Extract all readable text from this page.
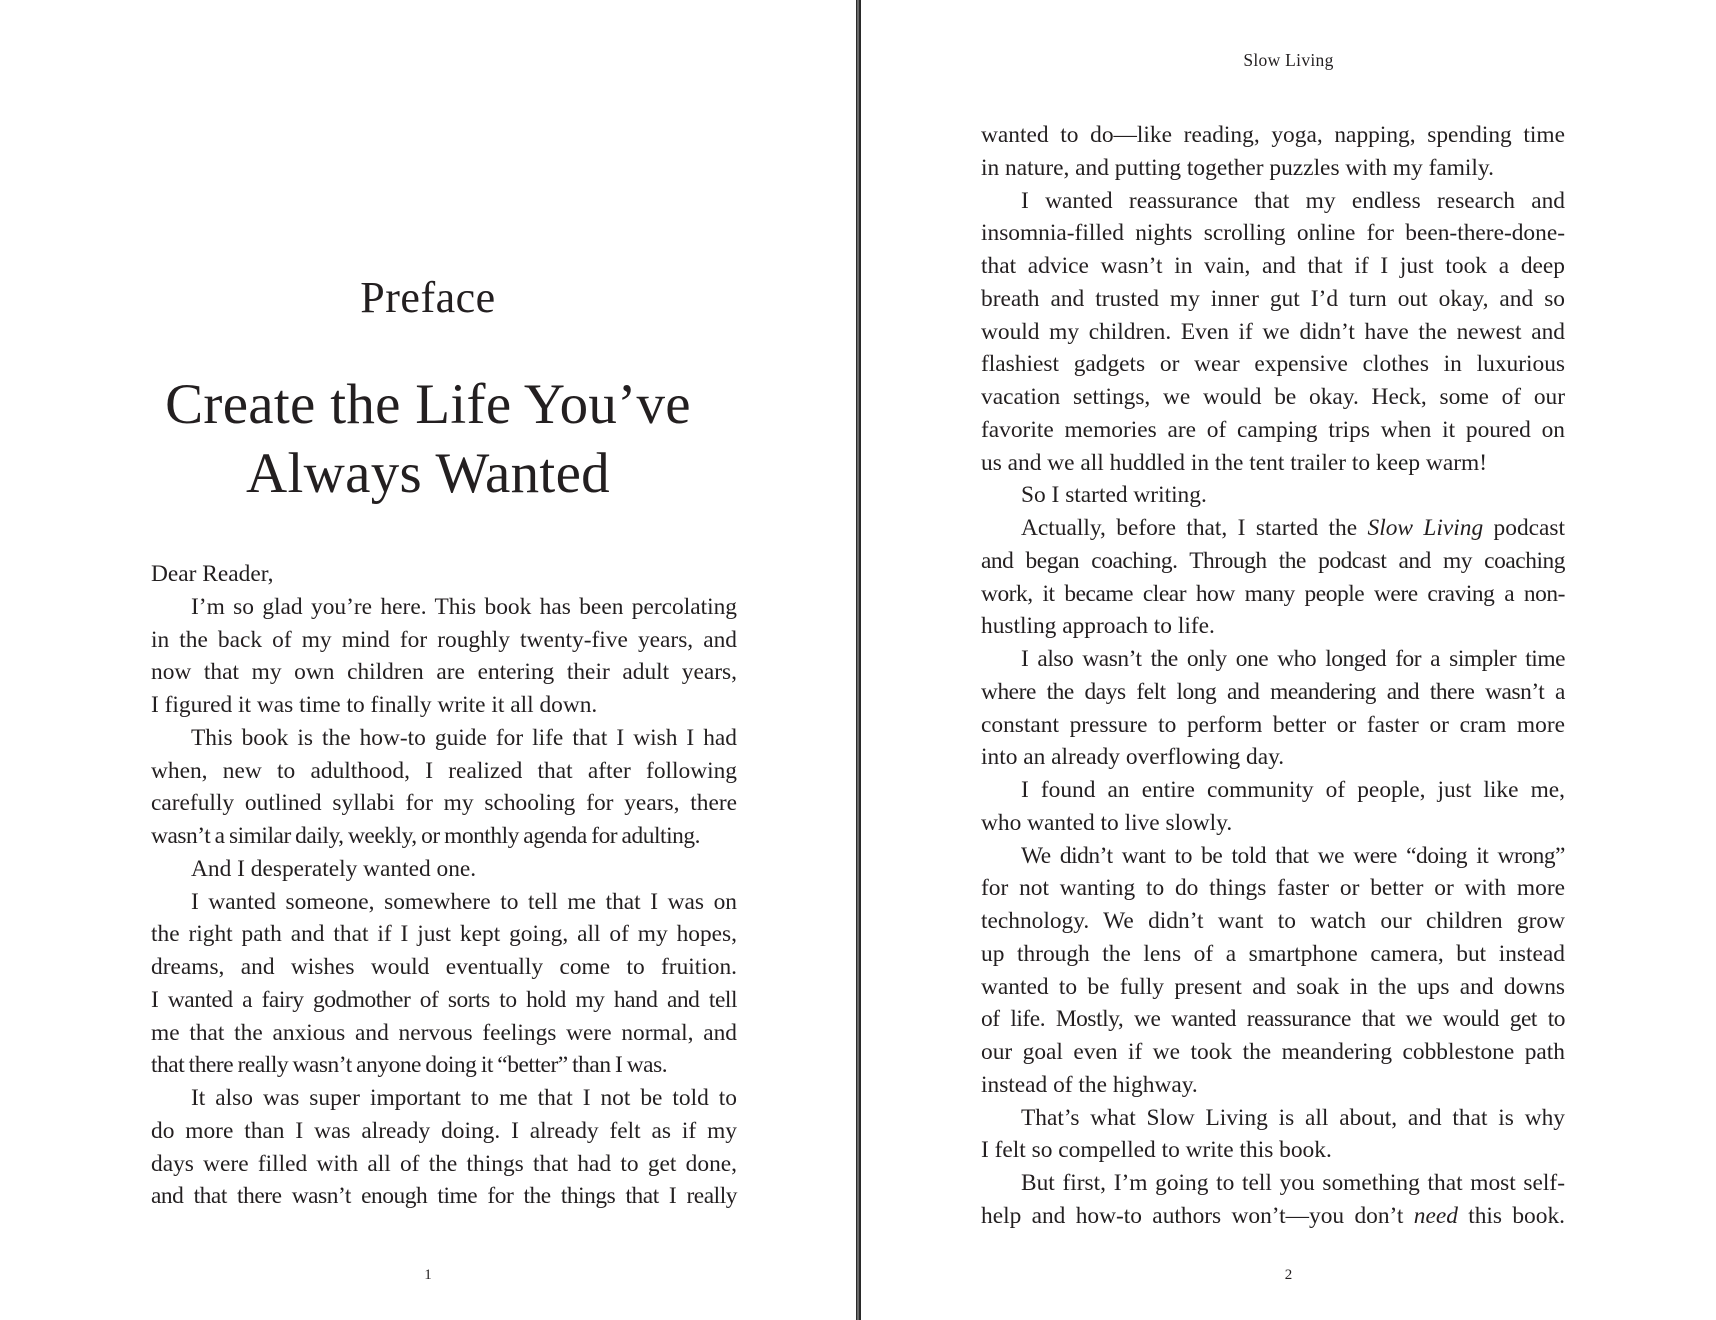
Preface
Create the Life You’ve
Always Wanted
Dear Reader,
I’m so glad you’re here. This book has been percolating
in the back of my mind for roughly twenty-five years, and
now that my own children are entering their adult years,
I figured it was time to finally write it all down.
This book is the how-to guide for life that I wish I had
when, new to adulthood, I realized that after following
carefully outlined syllabi for my schooling for years, there
wasn’t a similar daily, weekly, or monthly agenda for adulting.
And I desperately wanted one.
I wanted someone, somewhere to tell me that I was on
the right path and that if I just kept going, all of my hopes,
dreams, and wishes would eventually come to fruition.
I wanted a fairy godmother of sorts to hold my hand and tell
me that the anxious and nervous feelings were normal, and
that there really wasn’t anyone doing it “better” than I was.
It also was super important to me that I not be told to
do more than I was already doing. I already felt as if my
days were filled with all of the things that had to get done,
and that there wasn’t enough time for the things that I really
1
Slow Living
wanted to do—like reading, yoga, napping, spending time
in nature, and putting together puzzles with my family.
I wanted reassurance that my endless research and
insomnia-filled nights scrolling online for been-there-done-
that advice wasn’t in vain, and that if I just took a deep
breath and trusted my inner gut I’d turn out okay, and so
would my children. Even if we didn’t have the newest and
flashiest gadgets or wear expensive clothes in luxurious
vacation settings, we would be okay. Heck, some of our
favorite memories are of camping trips when it poured on
us and we all huddled in the tent trailer to keep warm!
So I started writing.
Actually, before that, I started the Slow Living podcast
and began coaching. Through the podcast and my coaching
work, it became clear how many people were craving a non-
hustling approach to life.
I also wasn’t the only one who longed for a simpler time
where the days felt long and meandering and there wasn’t a
constant pressure to perform better or faster or cram more
into an already overflowing day.
I found an entire community of people, just like me,
who wanted to live slowly.
We didn’t want to be told that we were “doing it wrong”
for not wanting to do things faster or better or with more
technology. We didn’t want to watch our children grow
up through the lens of a smartphone camera, but instead
wanted to be fully present and soak in the ups and downs
of life. Mostly, we wanted reassurance that we would get to
our goal even if we took the meandering cobblestone path
instead of the highway.
That’s what Slow Living is all about, and that is why
I felt so compelled to write this book.
But first, I’m going to tell you something that most self-
help and how-to authors won’t—you don’t need this book.
2
